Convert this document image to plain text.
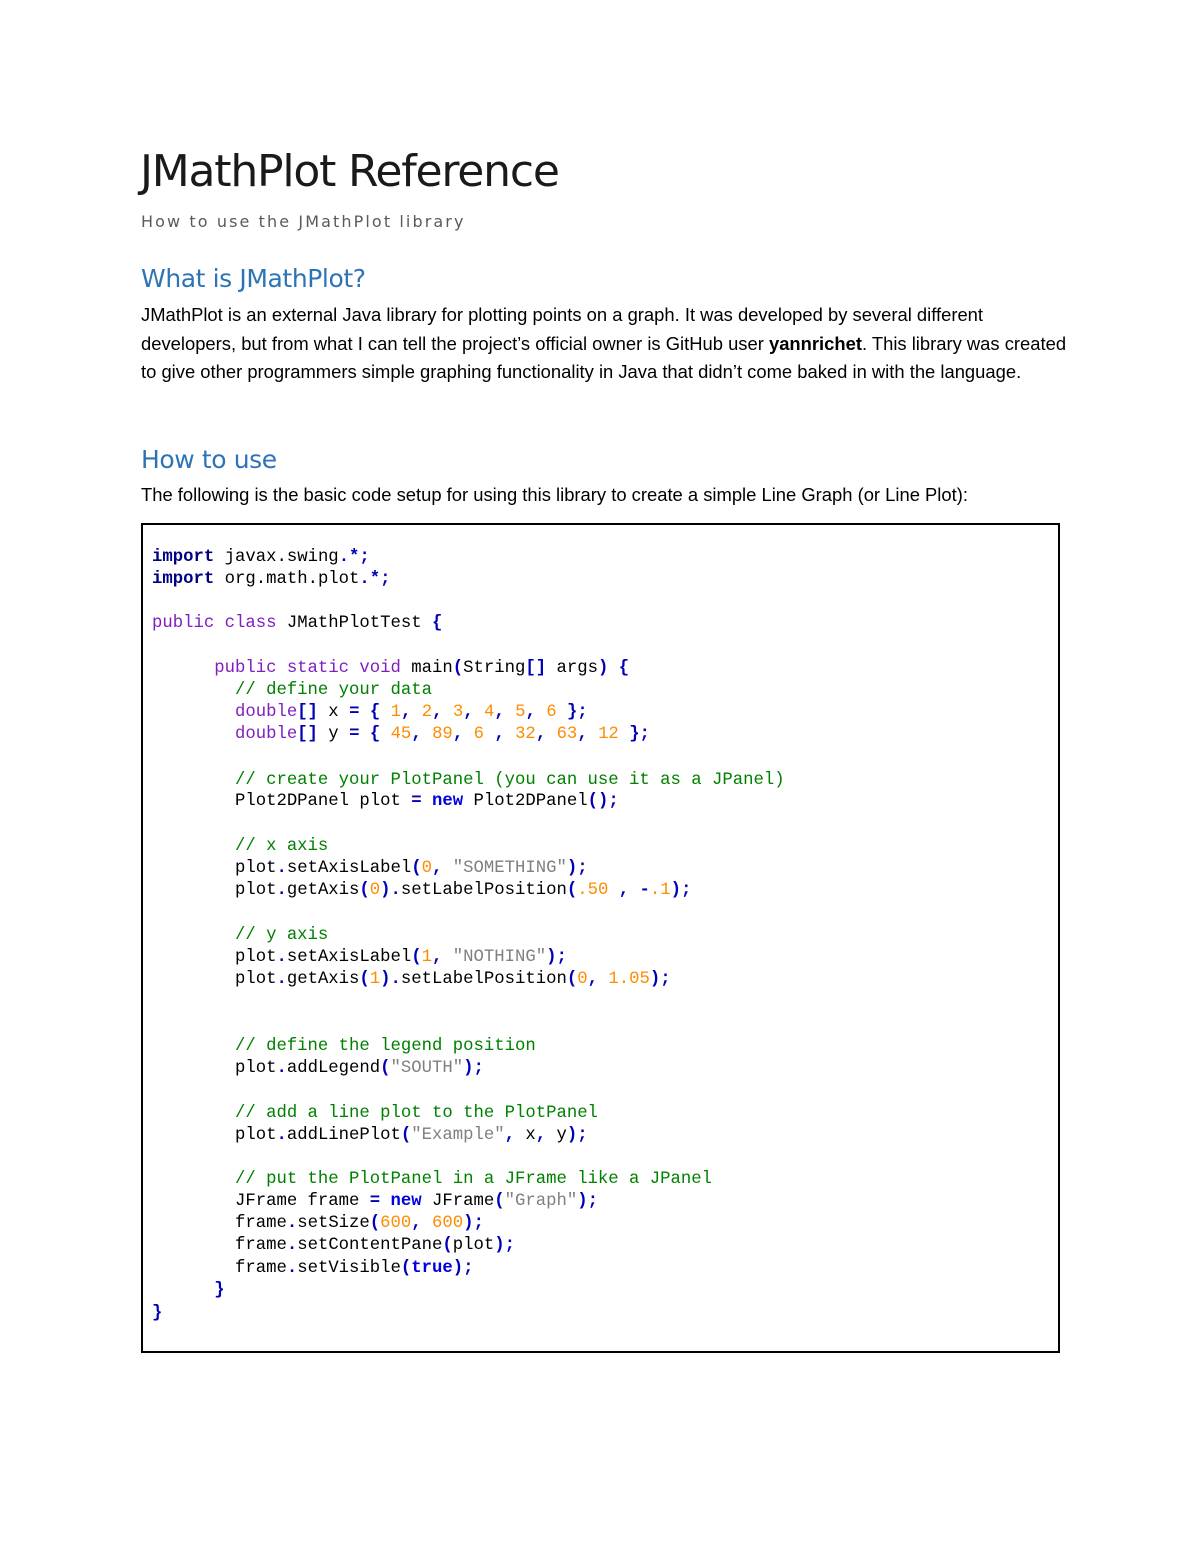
JMathPlot Reference
How to use the JMathPlot library
What is JMathPlot?

JMathPlot is an external Java library for plotting points on a graph. It was developed by several different developers, but from what I can tell the project’s official owner is GitHub user yannrichet. This library was created to give other programmers simple graphing functionality in Java that didn’t come baked in with the language.

How to use

The following is the basic code setup for using this library to create a simple Line Graph (or Line Plot):

import javax.swing.*;
import org.math.plot.*;
public class JMathPlotTest {
public static void main(String[] args) {
// define your data
double[] x = { 1, 2, 3, 4, 5, 6 };
double[] y = { 45, 89, 6 , 32, 63, 12 };
// create your PlotPanel (you can use it as a JPanel)
Plot2DPanel plot = new Plot2DPanel();
// x axis
plot.setAxisLabel(0, "SOMETHING");
plot.getAxis(0).setLabelPosition(.50 , -.1);
// y axis
plot.setAxisLabel(1, "NOTHING");
plot.getAxis(1).setLabelPosition(0, 1.05);
// define the legend position
plot.addLegend("SOUTH");
// add a line plot to the PlotPanel
plot.addLinePlot("Example", x, y);
// put the PlotPanel in a JFrame like a JPanel
JFrame frame = new JFrame("Graph");
frame.setSize(600, 600);
frame.setContentPane(plot);
frame.setVisible(true);
}
}
